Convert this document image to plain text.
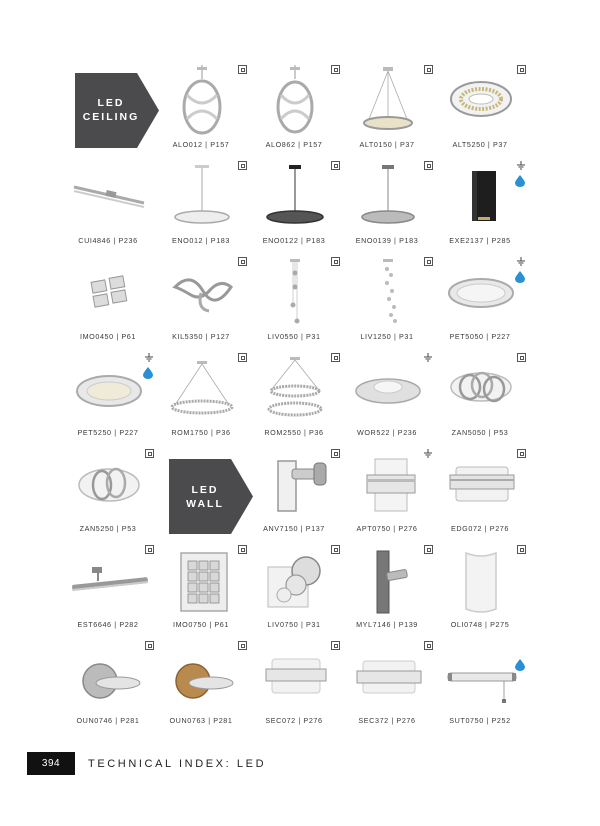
LED
CEILING
LED
WALL
ALO012 | P157	ALO862 | P157	ALT0150 | P37	ALT5250 | P37
CUI4846 | P236	ENO012 | P183	ENO0122 | P183	ENO0139 | P183	EXE2137 | P285
IMO0450 | P61	KIL5350 | P127	LIV0550 | P31	LIV1250 | P31	PET5050 | P227
PET5250 | P227	ROM1750 | P36	ROM2550 | P36	WOR522 | P236	ZAN5050 | P53
ZAN5250 | P53	ANV7150 | P137	APT0750 | P276	EDG072 | P276
EST6646 | P282	IMO0750 | P61	LIV0750 | P31	MYL7146 | P139	OLI0748 | P275
OUN0746 | P281	OUN0763 | P281	SEC072 | P276	SEC372 | P276	SUT0750 | P252
394	TECHNICAL INDEX: LED
